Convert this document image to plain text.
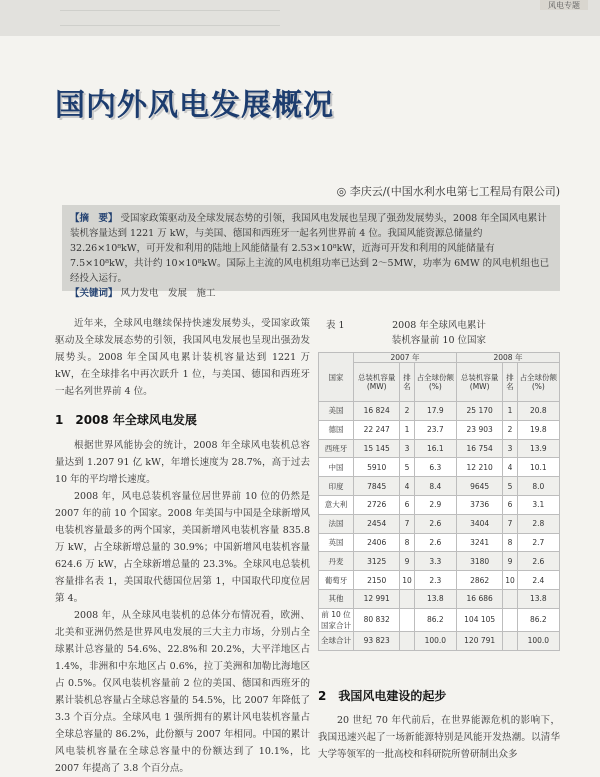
风电专题
国内外风电发展概况
◎ 李庆云/(中国水利水电第七工程局有限公司)
【摘　要】 受国家政策驱动及全球发展态势的引领，我国风电发展也呈现了强劲发展势头，2008 年全国风电累计装机容量达到 1221 万 kW，与美国、德国和西班牙一起名列世界前 4 位。我国风能资源总储量约 32.26×10⁸kW，可开发和利用的陆地上风能储量有 2.53×10⁸kW，近海可开发和利用的风能储量有 7.5×10⁸kW，共计约 10×10⁸kW。国际上主流的风电机组功率已达到 2～5MW，功率为 6MW 的风电机组也已经投入运行。
【关键词】 风力发电　发展　施工

近年来，全球风电继续保持快速发展势头，受国家政策驱动及全球发展态势的引领，我国风电发展也呈现出强劲发展势头。2008 年全国风电累计装机容量达到 1221 万 kW，在全球排名中再次跃升 1 位，与美国、德国和西班牙一起名列世界前 4 位。

1　2008 年全球风电发展

根据世界风能协会的统计，2008 年全球风电装机总容量达到 1.207 91 亿 kW，年增长速度为 28.7%，高于过去 10 年的平均增长速度。

2008 年，风电总装机容量位居世界前 10 位的仍然是 2007 年的前 10 个国家。2008 年美国与中国是全球新增风电装机容量最多的两个国家，美国新增风电装机容量 835.8 万 kW，占全球新增总量的 30.9%；中国新增风电装机容量 624.6 万 kW，占全球新增总量的 23.3%。全球风电总装机容量排名表 1，美国取代德国位居第 1，中国取代印度位居第 4。

2008 年，从全球风电装机的总体分布情况看，欧洲、北美和亚洲仍然是世界风电发展的三大主力市场，分别占全球累计总容量的 54.6%、22.8%和 20.2%，大平洋地区占 1.4%，非洲和中东地区占 0.6%，拉丁美洲和加勒比海地区占 0.5%。仅风电装机容量前 2 位的美国、德国和西班牙的累计装机总容量占全球总容量的 54.5%，比 2007 年降低了 3.3 个百分点。全球风电 1 强所拥有的累计风电装机容量占全球总容量的 86.2%，此份额与 2007 年相同。中国的累计风电装机容量在全球总容量中的份额达到了 10.1%，比 2007 年提高了 3.8 个百分点。

表 1	2008 年全球风电累计
装机容量前 10 位国家
国家	2007 年			2008 年		
	总装机容量(MW)	排名	占全球份额(%)	总装机容量(MW)	排名	占全球份额(%)
美国	16 824	2	17.9	25 170	1	20.8
德国	22 247	1	23.7	23 903	2	19.8
西班牙	15 145	3	16.1	16 754	3	13.9
中国	5910	5	6.3	12 210	4	10.1
印度	7845	4	8.4	9645	5	8.0
意大利	2726	6	2.9	3736	6	3.1
法国	2454	7	2.6	3404	7	2.8
英国	2406	8	2.6	3241	8	2.7
丹麦	3125	9	3.3	3180	9	2.6
葡萄牙	2150	10	2.3	2862	10	2.4
其他	12 991		13.8	16 686		13.8
前 10 位国家合计	80 832		86.2	104 105		86.2
全球合计	93 823		100.0	120 791		100.0
2　我国风电建设的起步

20 世纪 70 年代前后，在世界能源危机的影响下，我国迅速兴起了一场新能源特别是风能开发热潮。以清华大学等领军的一批高校和科研院所曾研制出众多
